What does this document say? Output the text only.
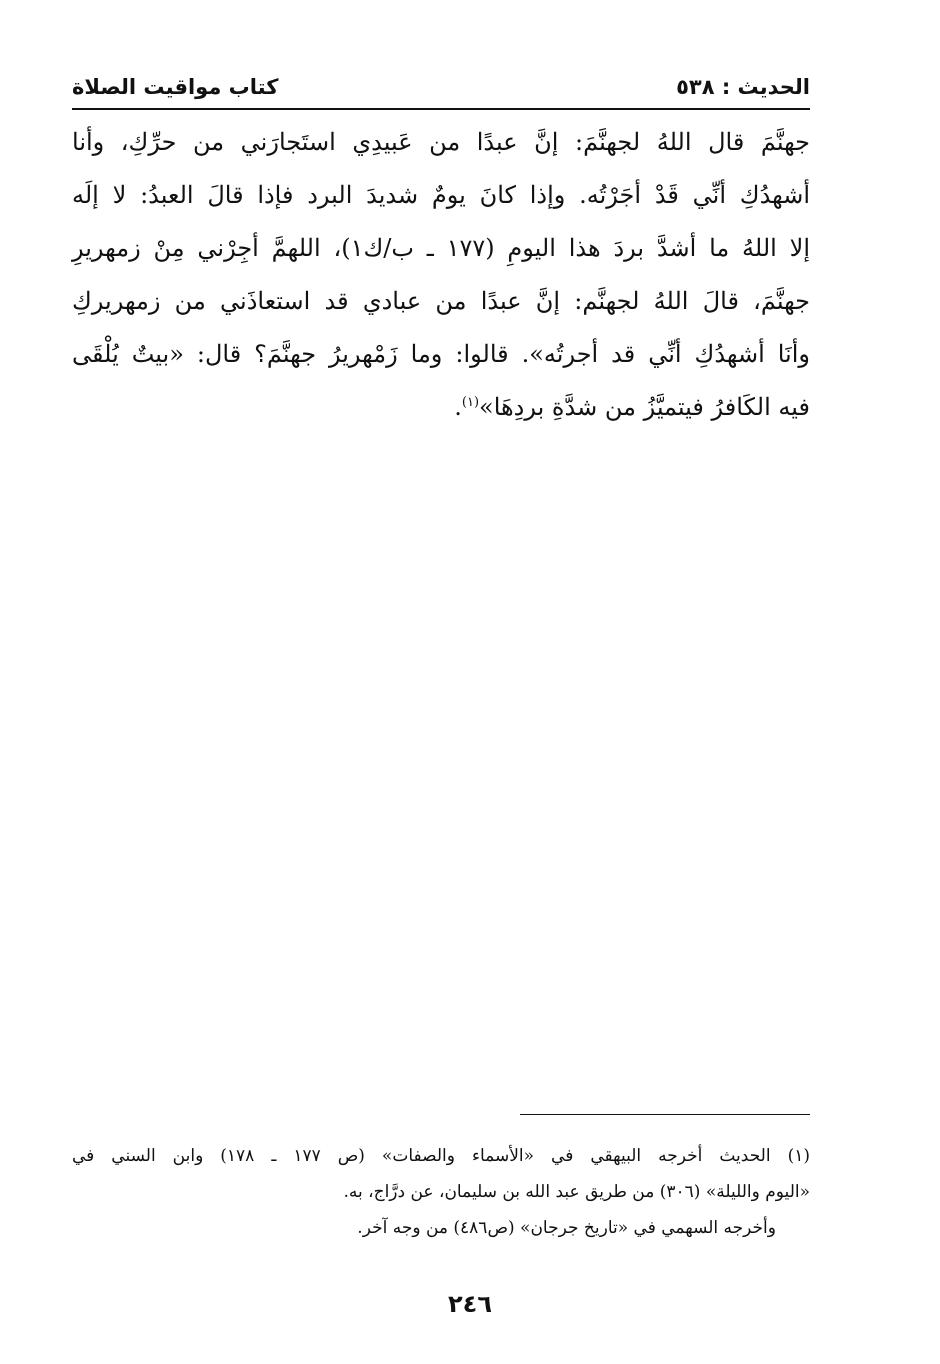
الحديث : ٥٣٨
كتاب مواقيت الصلاة
جهنَّمَ قال اللهُ لجهنَّمَ: إنَّ عبدًا من عَبيدِي استَجارَني من حرِّكِ، وأنا
أشهدُكِ أنِّي قَدْ أجَرْتُه. وإذا كانَ يومٌ شديدَ البرد فإذا قالَ العبدُ: لا إلَه
إلا اللهُ ما أشدَّ بردَ هذا اليومِ (١٧٧ ـ ب/ك١)، اللهمَّ أجِرْني مِنْ زمهريرِ
جهنَّمَ، قالَ اللهُ لجهنَّم: إنَّ عبدًا من عبادي قد استعاذَني من زمهريركِ
وأنَا أشهدُكِ أنِّي قد أجرتُه». قالوا: وما زَمْهريرُ جهنَّمَ؟ قال: «بيتٌ يُلْقَى
فيه الكَافرُ فيتميَّزُ من شدَّةِ بردِهَا»$^{(١)}$.
(١) الحديث أخرجه البيهقي في «الأسماء والصفات» (ص ١٧٧ ـ ١٧٨) وابن السني في
«اليوم والليلة» (٣٠٦) من طريق عبد الله بن سليمان، عن درَّاج، به.
وأخرجه السهمي في «تاريخ جرجان» (ص٤٨٦) من وجه آخر.
٢٤٦
